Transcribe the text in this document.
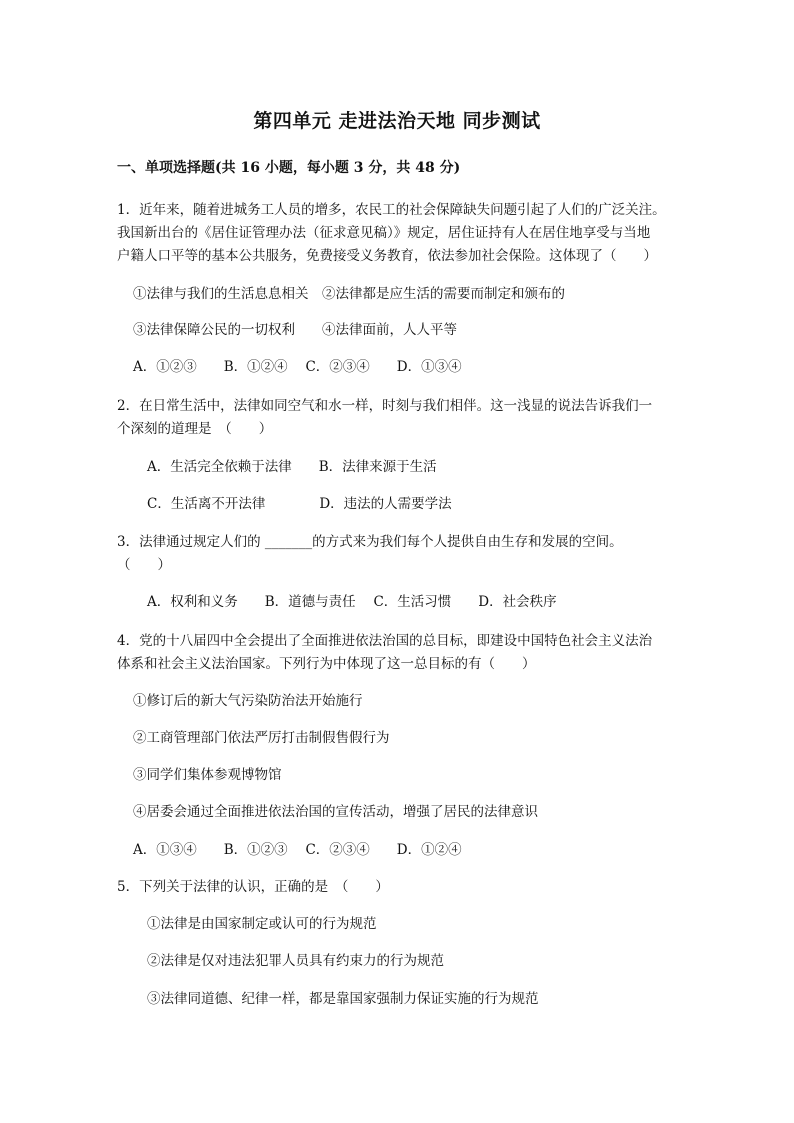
第四单元 走进法治天地 同步测试
一、单项选择题(共 16 小题，每小题 3 分，共 48 分)
1．近年来，随着进城务工人员的增多，农民工的社会保障缺失问题引起了人们的广泛关注。
我国新出台的《居住证管理办法（征求意见稿）》规定，居住证持有人在居住地享受与当地
户籍人口平等的基本公共服务，免费接受义务教育，依法参加社会保险。这体现了（　　）
①法律与我们的生活息息相关　②法律都是应生活的需要而制定和颁布的
③法律保障公民的一切权利　　④法律面前，人人平等
A．①②③　　B．①②④　 C．②③④　　D．①③④
2．在日常生活中，法律如同空气和水一样，时刻与我们相伴。这一浅显的说法告诉我们一
个深刻的道理是　（　　）
A．生活完全依赖于法律　　B．法律来源于生活
C．生活离不开法律　　　　D．违法的人需要学法
3．法律通过规定人们的 _______的方式来为我们每个人提供自由生存和发展的空间。
（　　）
A．权利和义务　　B．道德与责任　 C．生活习惯　　D．社会秩序
4．党的十八届四中全会提出了全面推进依法治国的总目标，即建设中国特色社会主义法治
体系和社会主义法治国家。下列行为中体现了这一总目标的有（　　）
①修订后的新大气污染防治法开始施行
②工商管理部门依法严厉打击制假售假行为
③同学们集体参观博物馆
④居委会通过全面推进依法治国的宣传活动，增强了居民的法律意识
A．①③④　　B．①②③　 C．②③④　　D．①②④
5．下列关于法律的认识，正确的是　（　　）
①法律是由国家制定或认可的行为规范
②法律是仅对违法犯罪人员具有约束力的行为规范
③法律同道德、纪律一样，都是靠国家强制力保证实施的行为规范
